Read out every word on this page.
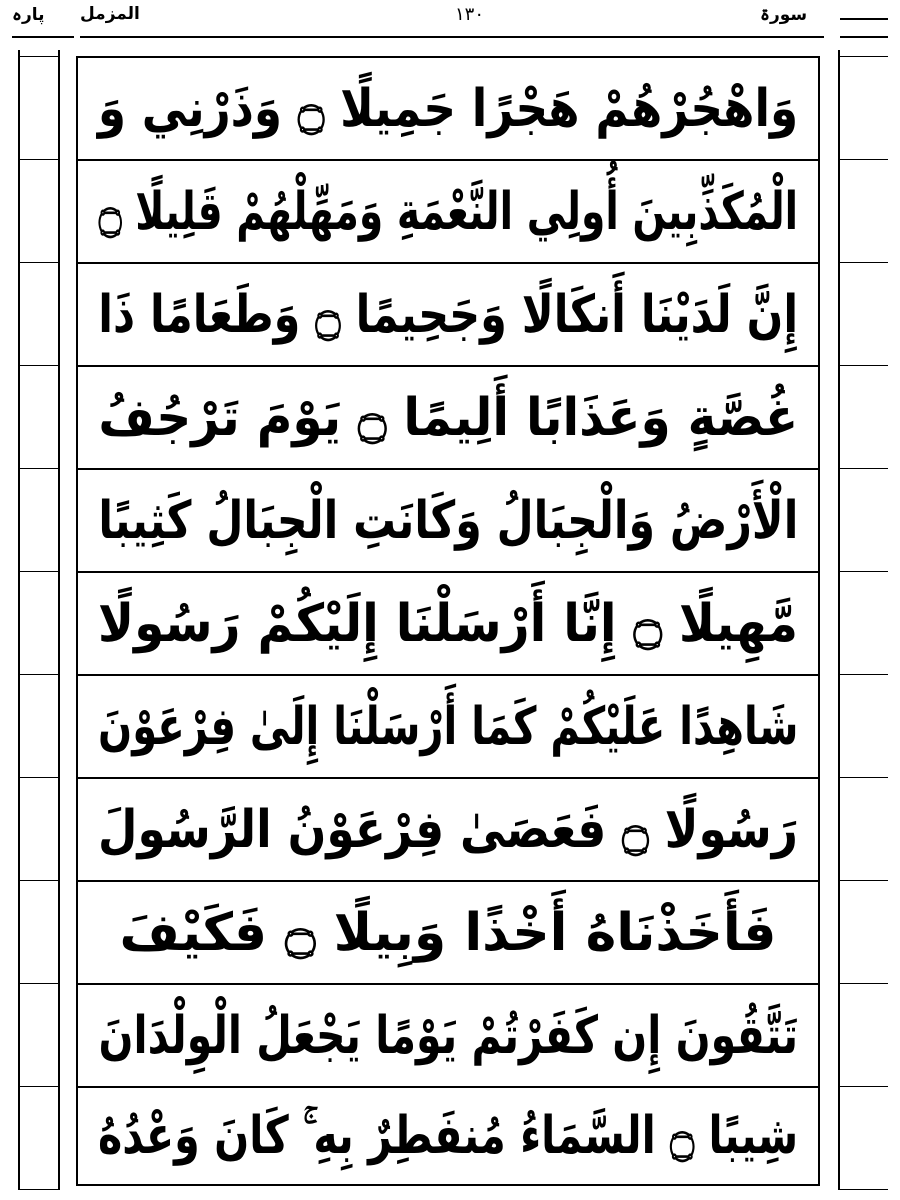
پارہ المزمل	١٣٠	سورۃ
وَاهْجُرْهُمْ هَجْرًا جَمِيلًا ۝ وَذَرْنِي وَ
الْمُكَذِّبِينَ أُولِي النَّعْمَةِ وَمَهِّلْهُمْ قَلِيلًا ۝
إِنَّ لَدَيْنَا أَنكَالًا وَجَحِيمًا ۝ وَطَعَامًا ذَا
غُصَّةٍ وَعَذَابًا أَلِيمًا ۝ يَوْمَ تَرْجُفُ
الْأَرْضُ وَالْجِبَالُ وَكَانَتِ الْجِبَالُ كَثِيبًا
مَّهِيلًا ۝ إِنَّا أَرْسَلْنَا إِلَيْكُمْ رَسُولًا
شَاهِدًا عَلَيْكُمْ كَمَا أَرْسَلْنَا إِلَىٰ فِرْعَوْنَ
رَسُولًا ۝ فَعَصَىٰ فِرْعَوْنُ الرَّسُولَ
فَأَخَذْنَاهُ أَخْذًا وَبِيلًا ۝ فَكَيْفَ
تَتَّقُونَ إِن كَفَرْتُمْ يَوْمًا يَجْعَلُ الْوِلْدَانَ
شِيبًا ۝ السَّمَاءُ مُنفَطِرٌ بِهِ ۚ كَانَ وَعْدُهُ
